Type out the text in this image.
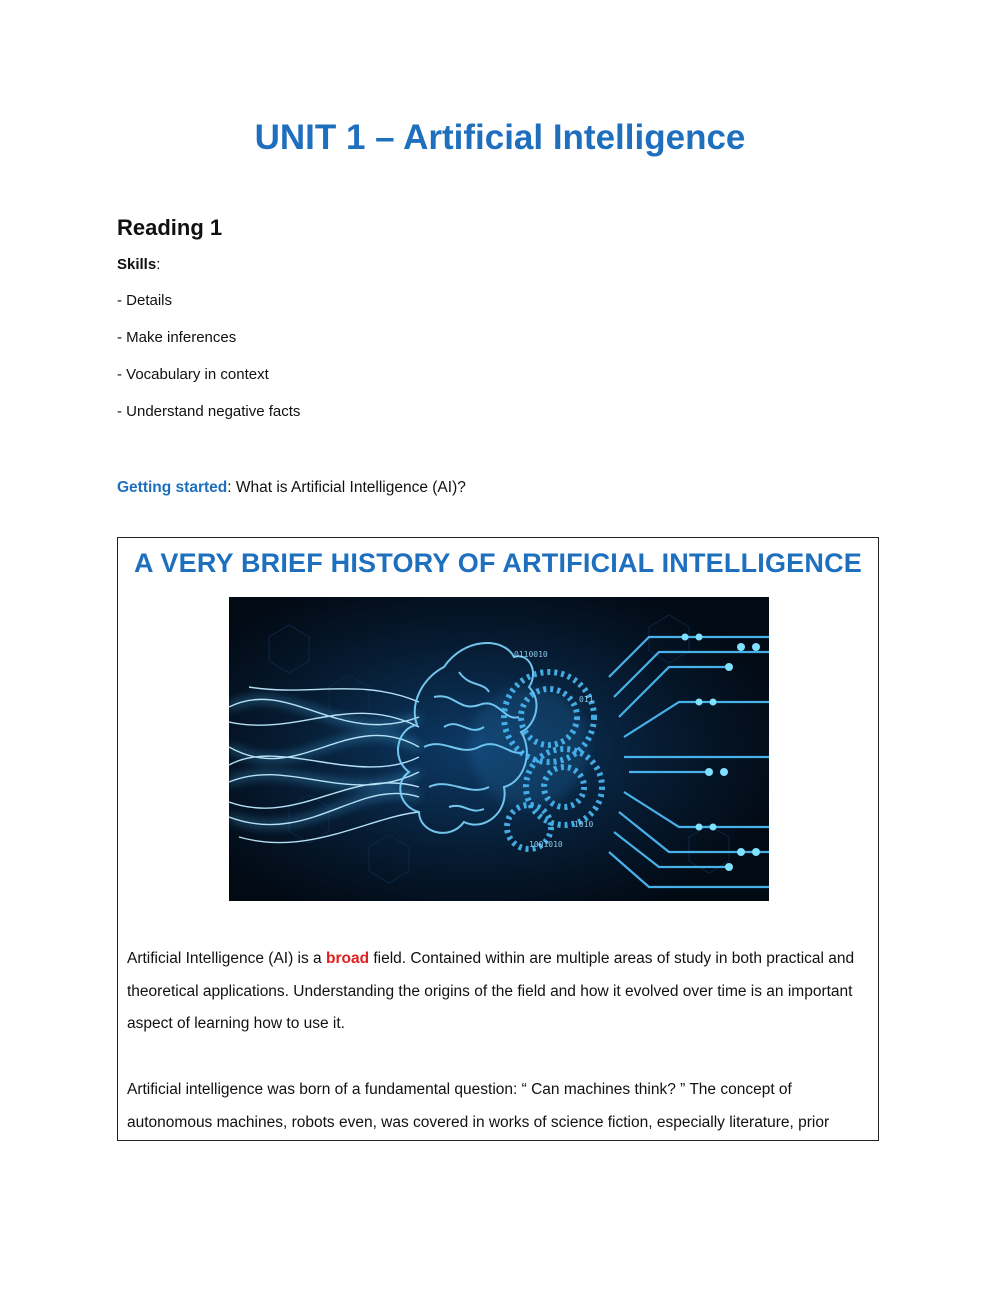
UNIT 1 – Artificial Intelligence
Reading 1
Skills:
- Details
- Make inferences
- Vocabulary in context
- Understand negative facts
Getting started: What is Artificial Intelligence (AI)?
A VERY BRIEF HISTORY OF ARTIFICIAL INTELLIGENCE
0110010
1001010
011
1010

Artificial Intelligence (AI) is a broad field. Contained within are multiple areas of study in both practical and theoretical applications. Understanding the origins of the field and how it evolved over time is an important aspect of learning how to use it.

Artificial intelligence was born of a fundamental question: “ Can machines think? ” The concept of autonomous machines, robots even, was covered in works of science fiction, especially literature, prior
